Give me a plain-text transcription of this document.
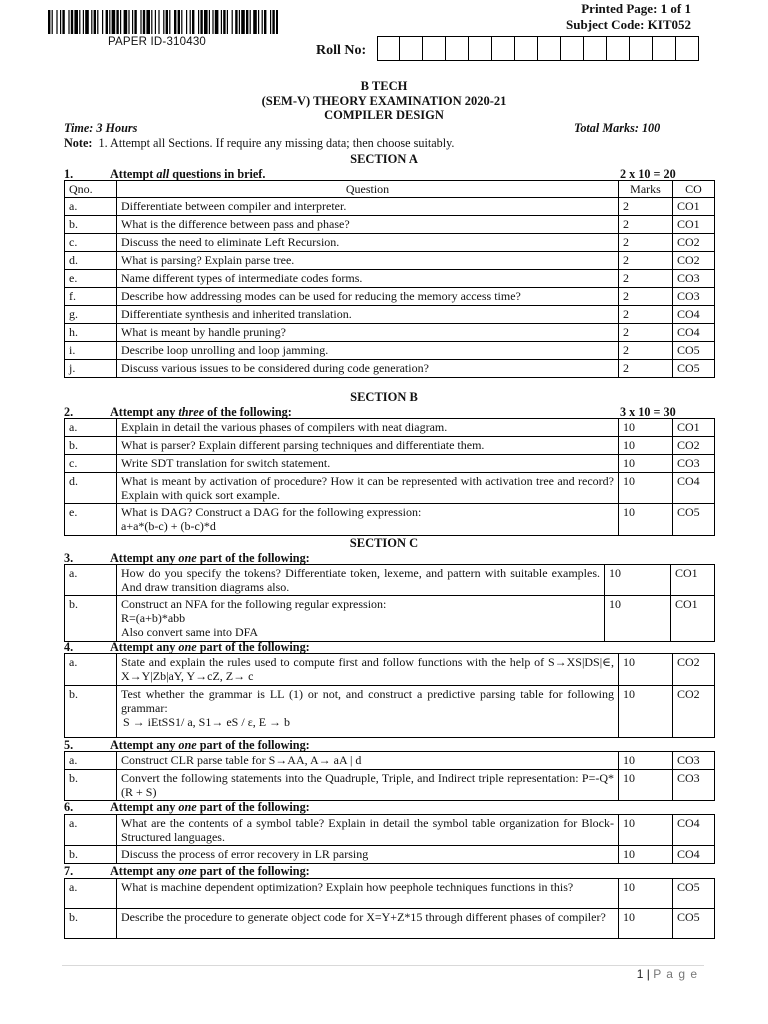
PAPER ID-310430
Printed Page: 1 of 1
Subject Code: KIT052
Roll No:
B TECH
(SEM-V) THEORY EXAMINATION 2020-21
COMPILER DESIGN
Time: 3 Hours	Total Marks: 100
Note: 1. Attempt all Sections. If require any missing data; then choose suitably.
SECTION A
1.	Attempt all questions in brief.	2 x 10 = 20
Qno.	Question	Marks	CO
a.	Differentiate between compiler and interpreter.	2	CO1
b.	What is the difference between pass and phase?	2	CO1
c.	Discuss the need to eliminate Left Recursion.	2	CO2
d.	What is parsing? Explain parse tree.	2	CO2
e.	Name different types of intermediate codes forms.	2	CO3
f.	Describe how addressing modes can be used for reducing the memory access time?	2	CO3
g.	Differentiate synthesis and inherited translation.	2	CO4
h.	What is meant by handle pruning?	2	CO4
i.	Describe loop unrolling and loop jamming.	2	CO5
j.	Discuss various issues to be considered during code generation?	2	CO5
SECTION B
2.	Attempt any three of the following:	3 x 10 = 30
a.	Explain in detail the various phases of compilers with neat diagram.	10	CO1
b.	What is parser? Explain different parsing techniques and differentiate them.	10	CO2
c.	Write SDT translation for switch statement.	10	CO3
d.	What is meant by activation of procedure? How it can be represented with activation tree and record? Explain with quick sort example.	10	CO4
e.	What is DAG? Construct a DAG for the following expression:
a+a*(b-c) + (b-c)*d	10	CO5
SECTION C
3.	Attempt any one part of the following:
a.	How do you specify the tokens? Differentiate token, lexeme, and pattern with suitable examples. And draw transition diagrams also.	10	CO1
b.	Construct an NFA for the following regular expression:
R=(a+b)*abb
Also convert same into DFA	10	CO1
4.	Attempt any one part of the following:
a.	State and explain the rules used to compute first and follow functions with the help of S→XS|DS|∈, X→Y|Zb|aY, Y→cZ, Z→ c	10	CO2
b.	Test whether the grammar is LL (1) or not, and construct a predictive parsing table for following grammar:
S → iEtSS1/ a, S1→ eS / ε, E → b	10	CO2
5.	Attempt any one part of the following:
a.	Construct CLR parse table for S→AA, A→ aA | d	10	CO3
b.	Convert the following statements into the Quadruple, Triple, and Indirect triple representation: P=-Q*(R + S)	10	CO3
6.	Attempt any one part of the following:
a.	What are the contents of a symbol table? Explain in detail the symbol table organization for Block-Structured languages.	10	CO4
b.	Discuss the process of error recovery in LR parsing	10	CO4
7.	Attempt any one part of the following:
a.	What is machine dependent optimization? Explain how peephole techniques functions in this?	10	CO5
b.	Describe the procedure to generate object code for X=Y+Z*15 through different phases of compiler?	10	CO5
1 | P a g e
